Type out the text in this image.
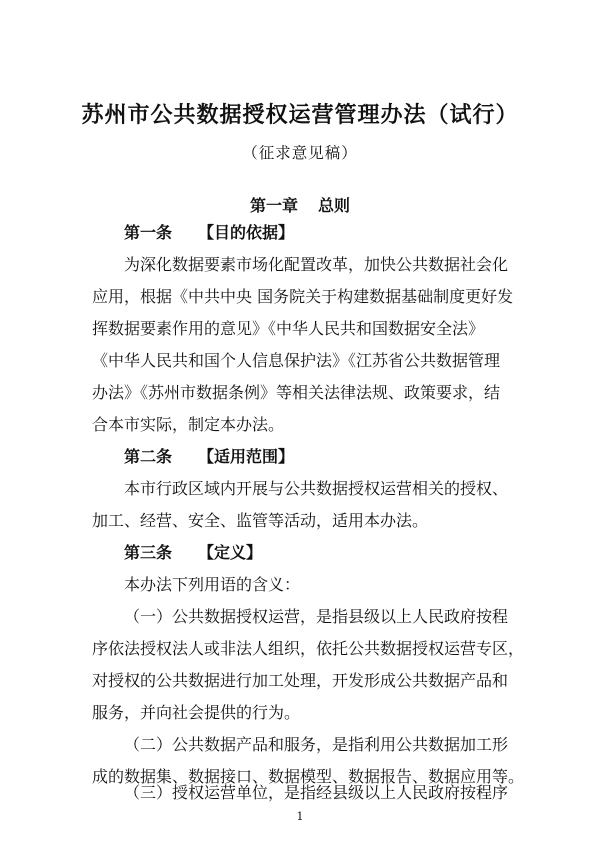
苏州市公共数据授权运营管理办法（试行）
（征求意见稿）
第一章 总则
第一条 【目的依据】
为深化数据要素市场化配置改革，加快公共数据社会化
应用，根据《中共中央 国务院关于构建数据基础制度更好发
挥数据要素作用的意见》《中华人民共和国数据安全法》
《中华人民共和国个人信息保护法》《江苏省公共数据管理
办法》《苏州市数据条例》等相关法律法规、政策要求，结
合本市实际，制定本办法。
第二条 【适用范围】
本市行政区域内开展与公共数据授权运营相关的授权、
加工、经营、安全、监管等活动，适用本办法。
第三条 【定义】
本办法下列用语的含义：
（一）公共数据授权运营，是指县级以上人民政府按程
序依法授权法人或非法人组织，依托公共数据授权运营专区，
对授权的公共数据进行加工处理，开发形成公共数据产品和
服务，并向社会提供的行为。
（二）公共数据产品和服务，是指利用公共数据加工形
成的数据集、数据接口、数据模型、数据报告、数据应用等。
（三）授权运营单位，是指经县级以上人民政府按程序
1
